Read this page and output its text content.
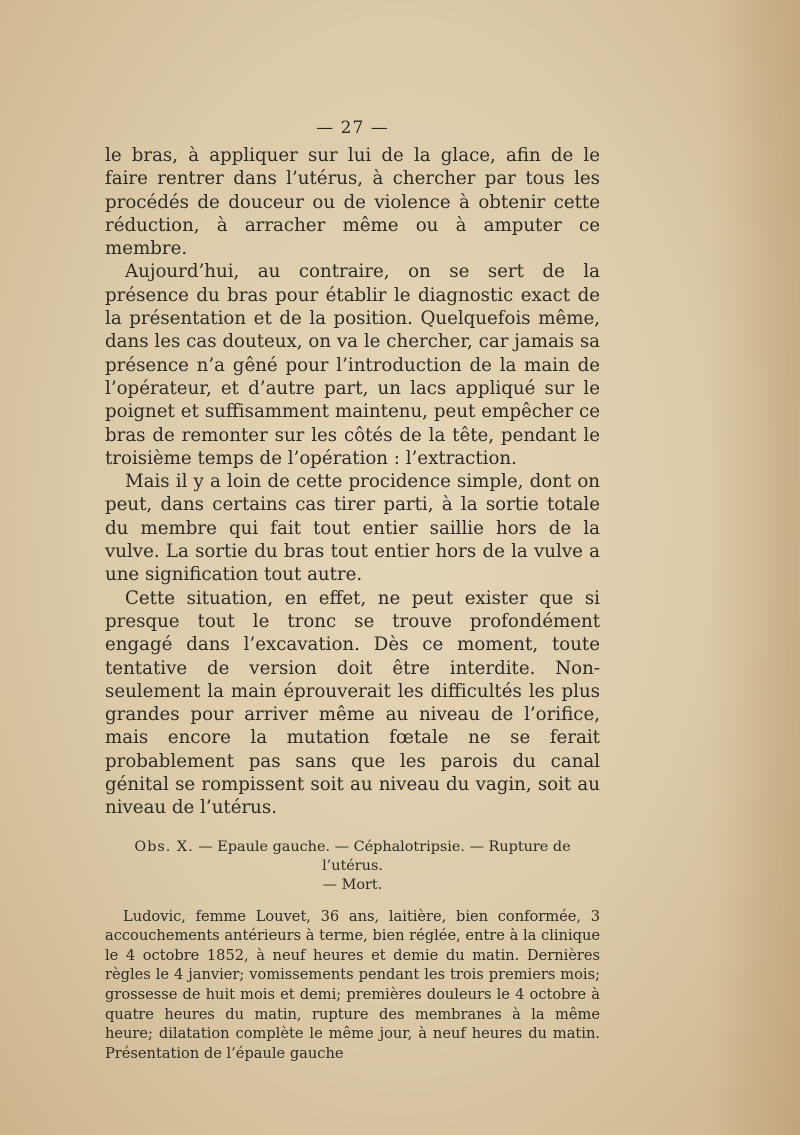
— 27 —

le bras, à appliquer sur lui de la glace, afin de le faire rentrer dans l’utérus, à chercher par tous les procédés de douceur ou de violence à obtenir cette réduction, à arracher même ou à amputer ce membre.

Aujourd’hui, au contraire, on se sert de la présence du bras pour établir le diagnostic exact de la présentation et de la position. Quelquefois même, dans les cas douteux, on va le chercher, car jamais sa présence n’a gêné pour l’introduction de la main de l’opérateur, et d’autre part, un lacs appliqué sur le poignet et suffisamment maintenu, peut empêcher ce bras de remonter sur les côtés de la tête, pendant le troisième temps de l’opération : l’extraction.

Mais il y a loin de cette procidence simple, dont on peut, dans certains cas tirer parti, à la sortie totale du membre qui fait tout entier saillie hors de la vulve. La sortie du bras tout entier hors de la vulve a une signification tout autre.

Cette situation, en effet, ne peut exister que si presque tout le tronc se trouve profondément engagé dans l’excavation. Dès ce moment, toute tentative de version doit être interdite. Non-seulement la main éprouverait les difficultés les plus grandes pour arriver même au niveau de l’orifice, mais encore la mutation fœtale ne se ferait probablement pas sans que les parois du canal génital se rompissent soit au niveau du vagin, soit au niveau de l’utérus.

Obs. X. — Epaule gauche. — Céphalotripsie. — Rupture de l’utérus.
— Mort.

Ludovic, femme Louvet, 36 ans, laitière, bien conformée, 3 accouchements antérieurs à terme, bien réglée, entre à la clinique le 4 octobre 1852, à neuf heures et demie du matin. Dernières règles le 4 janvier; vomissements pendant les trois premiers mois; grossesse de huit mois et demi; premières douleurs le 4 octobre à quatre heures du matin, rupture des membranes à la même heure; dilatation complète le même jour, à neuf heures du matin. Présentation de l’épaule gauche
